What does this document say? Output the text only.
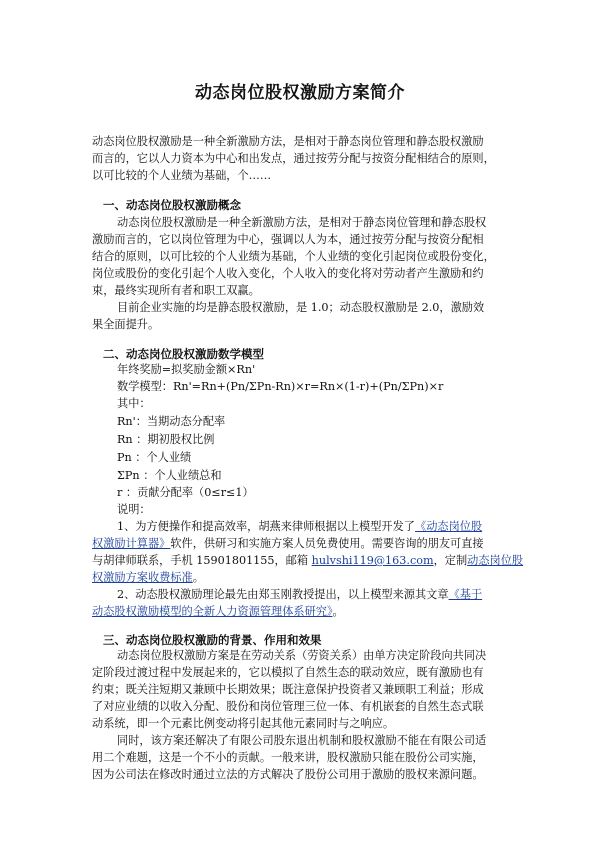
动态岗位股权激励方案简介

动态岗位股权激励是一种全新激励方法，是相对于静态岗位管理和静态股权激励

而言的，它以人力资本为中心和出发点，通过按劳分配与按资分配相结合的原则，

以可比较的个人业绩为基础，个……

一、动态岗位股权激励概念

动态岗位股权激励是一种全新激励方法，是相对于静态岗位管理和静态股权

激励而言的，它以岗位管理为中心，强调以人为本，通过按劳分配与按资分配相

结合的原则，以可比较的个人业绩为基础，个人业绩的变化引起岗位或股份变化，

岗位或股份的变化引起个人收入变化，个人收入的变化将对劳动者产生激励和约

束，最终实现所有者和职工双赢。

目前企业实施的均是静态股权激励，是 1.0；动态股权激励是 2.0，激励效

果全面提升。

二、动态岗位股权激励数学模型

年终奖励=拟奖励金额×Rn'

数学模型：Rn'=Rn+(Pn/ΣPn-Rn)×r=Rn×(1-r)+(Pn/ΣPn)×r

其中：

Rn'：当期动态分配率

Rn ：期初股权比例

Pn ：个人业绩

ΣPn ：个人业绩总和

r ：贡献分配率（0≤r≤1）

说明：

1、为方便操作和提高效率，胡燕来律师根据以上模型开发了《动态岗位股

权激励计算器》软件，供研习和实施方案人员免费使用。需要咨询的朋友可直接

与胡律师联系，手机 15901801155，邮箱 hulvshi119@163.com，定制动态岗位股

权激励方案收费标准。

2、动态股权激励理论最先由郑玉刚教授提出，以上模型来源其文章《基于

动态股权激励模型的全新人力资源管理体系研究》。

三、动态岗位股权激励的背景、作用和效果

动态岗位股权激励方案是在劳动关系（劳资关系）由单方决定阶段向共同决

定阶段过渡过程中发展起来的，它以模拟了自然生态的联动效应，既有激励也有

约束；既关注短期又兼顾中长期效果；既注意保护投资者又兼顾职工利益；形成

了对应业绩的以收入分配、股份和岗位管理三位一体、有机嵌套的自然生态式联

动系统，即一个元素比例变动将引起其他元素同时与之响应。

同时，该方案还解决了有限公司股东退出机制和股权激励不能在有限公司适

用二个难题，这是一个不小的贡献。一般来讲，股权激励只能在股份公司实施，

因为公司法在修改时通过立法的方式解决了股份公司用于激励的股权来源问题。
